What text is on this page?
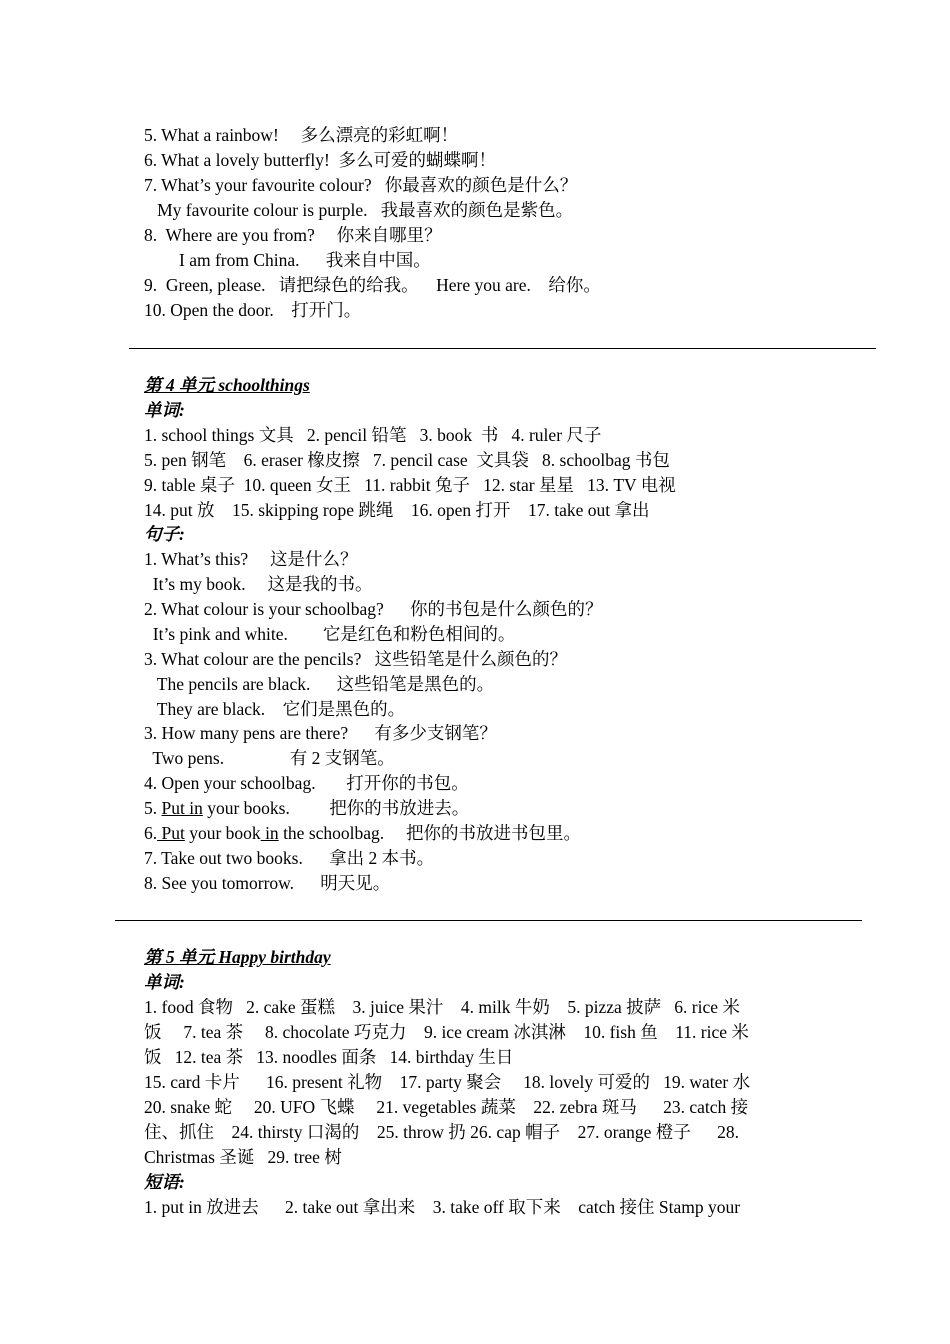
5. What a rainbow!     多么漂亮的彩虹啊！
6. What a lovely butterfly!  多么可爱的蝴蝶啊！
7. What’s your favourite colour?   你最喜欢的颜色是什么？
My favourite colour is purple.   我最喜欢的颜色是紫色。
8.  Where are you from?     你来自哪里？
I am from China.      我来自中国。
9.  Green, please.   请把绿色的给我。    Here you are.    给你。
10. Open the door.    打开门。
第 4 单元 schoolthings
单词:
1. school things 文具   2. pencil 铅笔   3. book  书   4. ruler 尺子
5. pen 钢笔    6. eraser 橡皮擦   7. pencil case  文具袋   8. schoolbag 书包
9. table 桌子  10. queen 女王   11. rabbit 兔子   12. star 星星   13. TV 电视
14. put 放    15. skipping rope 跳绳    16. open 打开    17. take out 拿出
句子:
1. What’s this?     这是什么？
It’s my book.     这是我的书。
2. What colour is your schoolbag?      你的书包是什么颜色的？
It’s pink and white.        它是红色和粉色相间的。
3. What colour are the pencils?   这些铅笔是什么颜色的？
The pencils are black.      这些铅笔是黑色的。
They are black.    它们是黑色的。
3. How many pens are there?      有多少支钢笔？
Two pens.               有 2 支钢笔。
4. Open your schoolbag.       打开你的书包。
5. Put in your books.         把你的书放进去。
6. Put your book in the schoolbag.     把你的书放进书包里。
7. Take out two books.      拿出 2 本书。
8. See you tomorrow.      明天见。
第 5 单元 Happy birthday
单词:
1. food 食物   2. cake 蛋糕    3. juice 果汁    4. milk 牛奶    5. pizza 披萨   6. rice 米
饭     7. tea 茶     8. chocolate 巧克力    9. ice cream 冰淇淋    10. fish 鱼    11. rice 米
饭   12. tea 茶   13. noodles 面条   14. birthday 生日
15. card 卡片      16. present 礼物    17. party 聚会     18. lovely 可爱的   19. water 水
20. snake 蛇     20. UFO 飞蝶     21. vegetables 蔬菜    22. zebra 斑马      23. catch 接
住、抓住    24. thirsty 口渴的    25. throw 扔 26. cap 帽子    27. orange 橙子      28.
Christmas 圣诞   29. tree 树
短语:
1. put in 放进去      2. take out 拿出来    3. take off 取下来    catch 接住 Stamp your
